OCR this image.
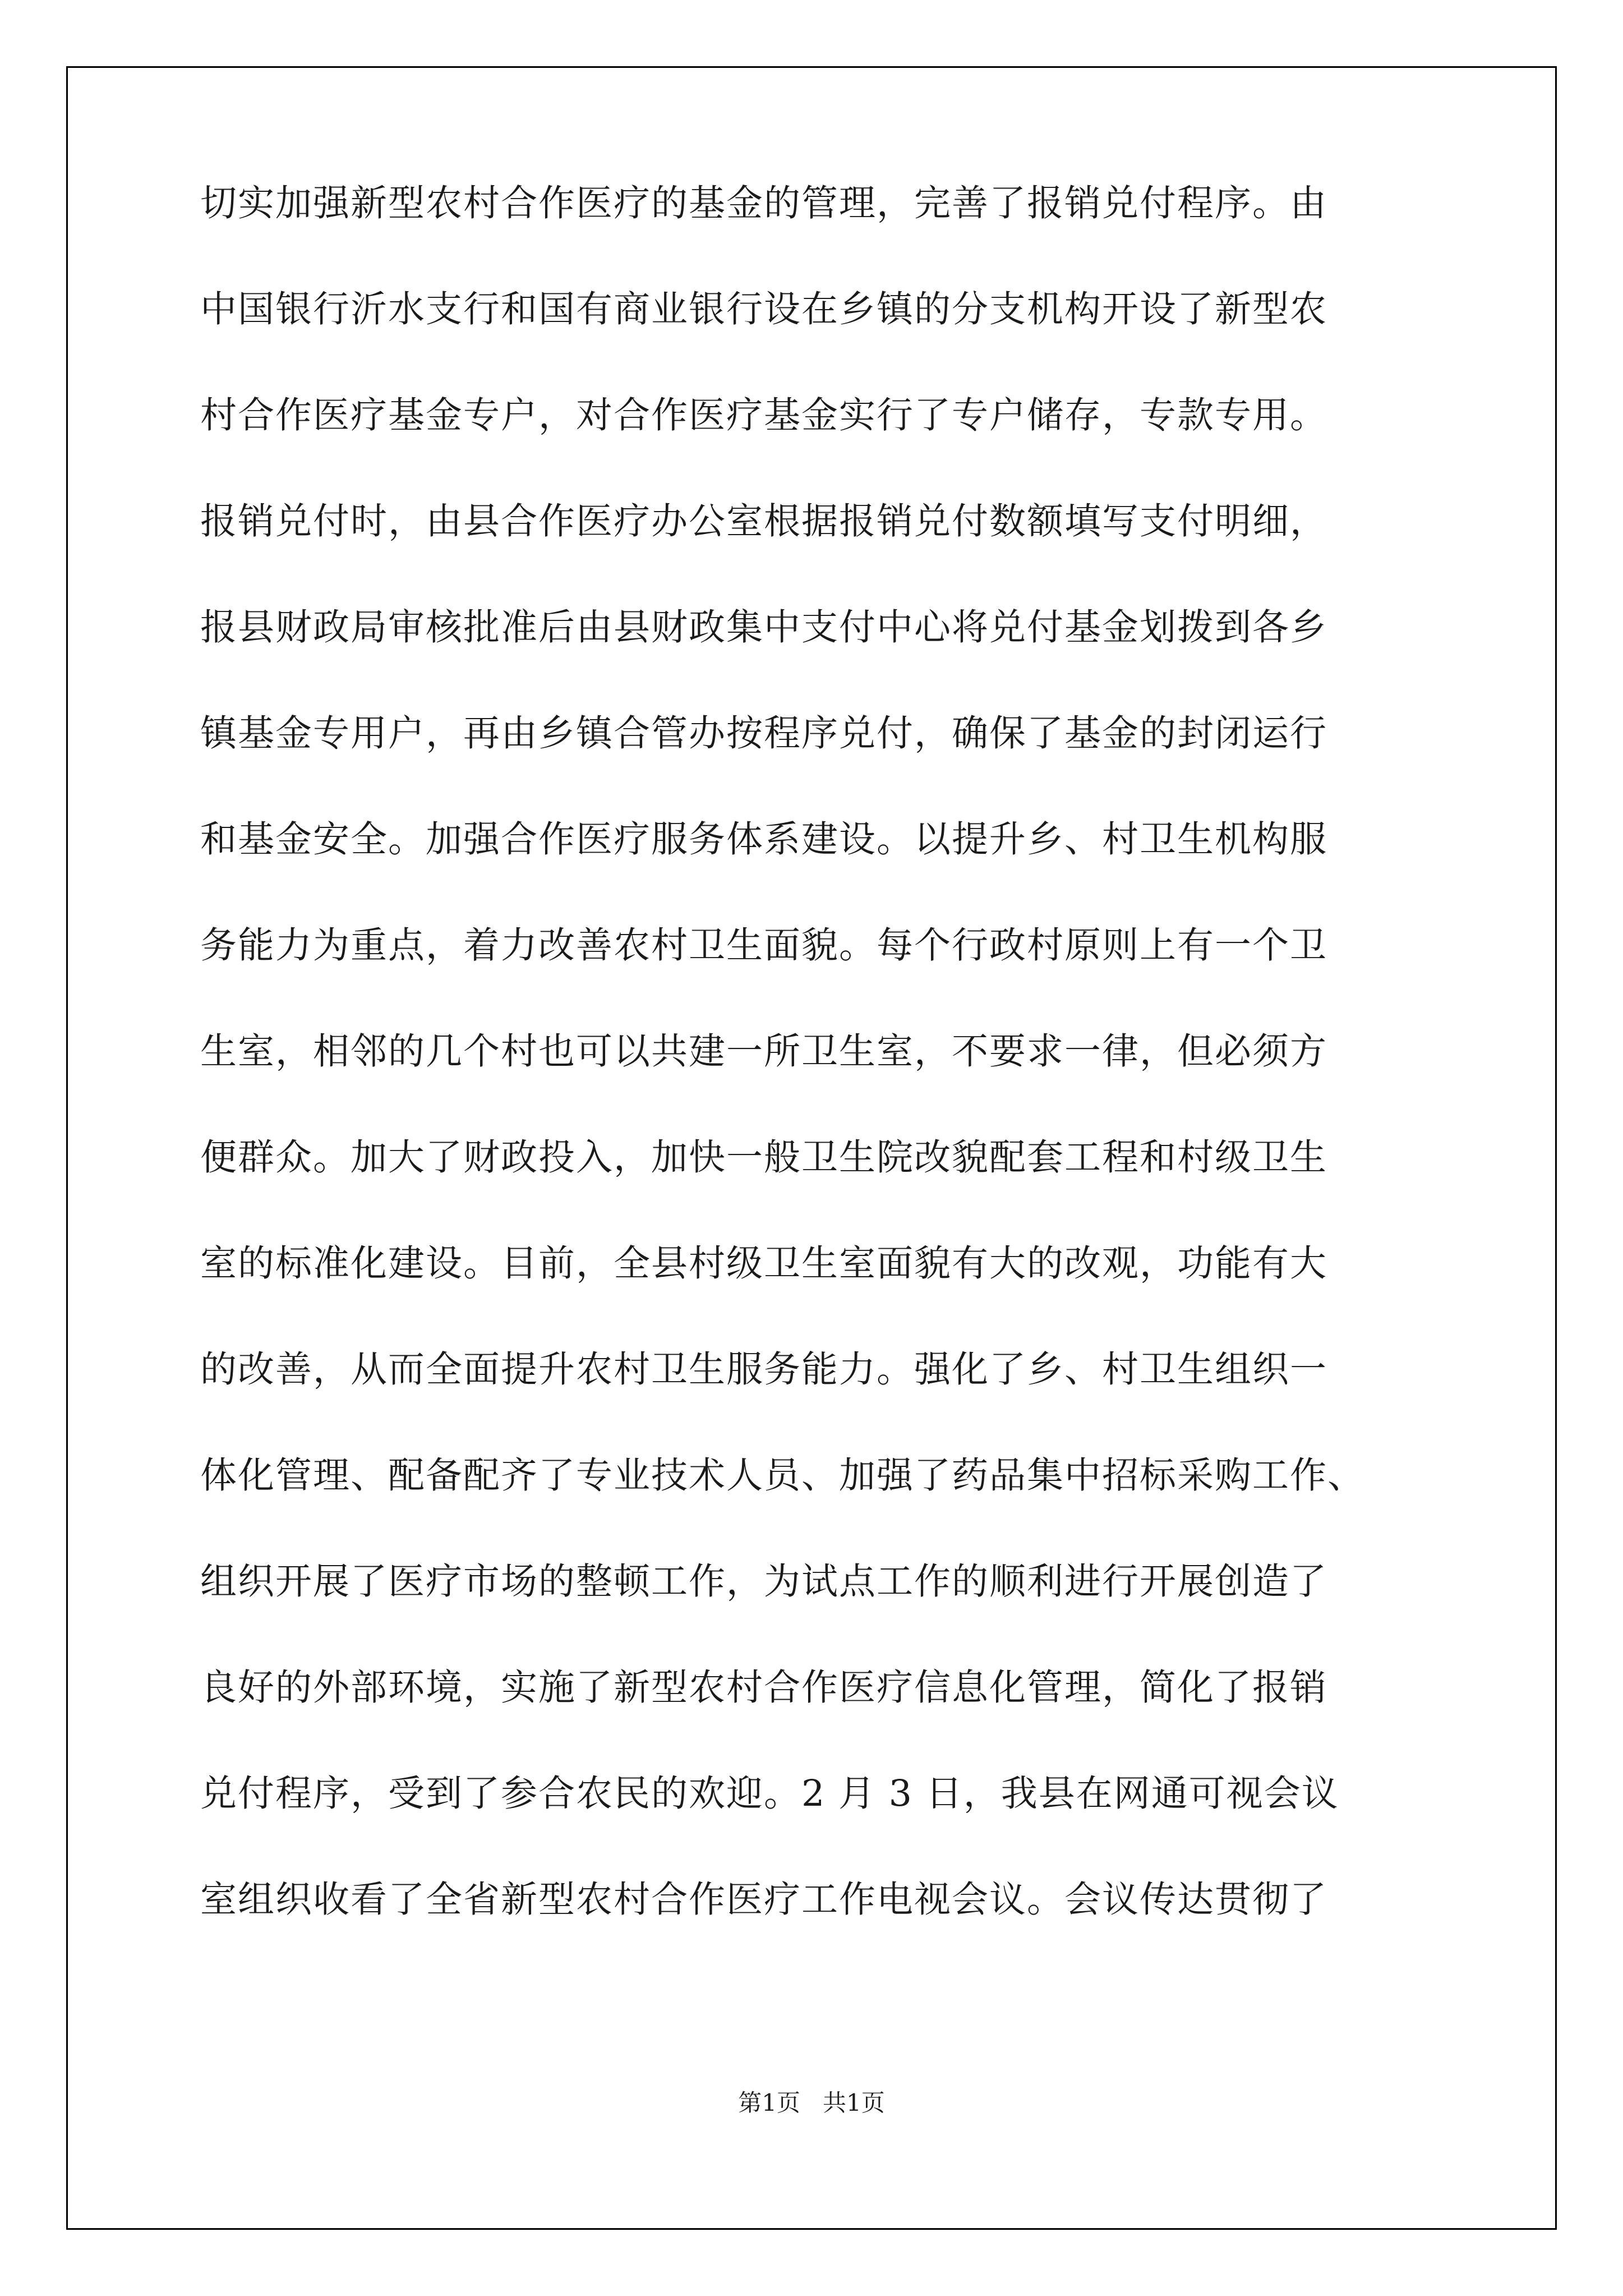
切实加强新型农村合作医疗的基金的管理，完善了报销兑付程序。由
中国银行沂水支行和国有商业银行设在乡镇的分支机构开设了新型农
村合作医疗基金专户，对合作医疗基金实行了专户储存，专款专用。
报销兑付时，由县合作医疗办公室根据报销兑付数额填写支付明细，
报县财政局审核批准后由县财政集中支付中心将兑付基金划拨到各乡
镇基金专用户，再由乡镇合管办按程序兑付，确保了基金的封闭运行
和基金安全。加强合作医疗服务体系建设。以提升乡、村卫生机构服
务能力为重点，着力改善农村卫生面貌。每个行政村原则上有一个卫
生室，相邻的几个村也可以共建一所卫生室，不要求一律，但必须方
便群众。加大了财政投入，加快一般卫生院改貌配套工程和村级卫生
室的标准化建设。目前，全县村级卫生室面貌有大的改观，功能有大
的改善，从而全面提升农村卫生服务能力。强化了乡、村卫生组织一
体化管理、配备配齐了专业技术人员、加强了药品集中招标采购工作、
组织开展了医疗市场的整顿工作，为试点工作的顺利进行开展创造了
良好的外部环境，实施了新型农村合作医疗信息化管理，简化了报销
兑付程序，受到了参合农民的欢迎。2 月 3 日，我县在网通可视会议
室组织收看了全省新型农村合作医疗工作电视会议。会议传达贯彻了
第1页   共1页
